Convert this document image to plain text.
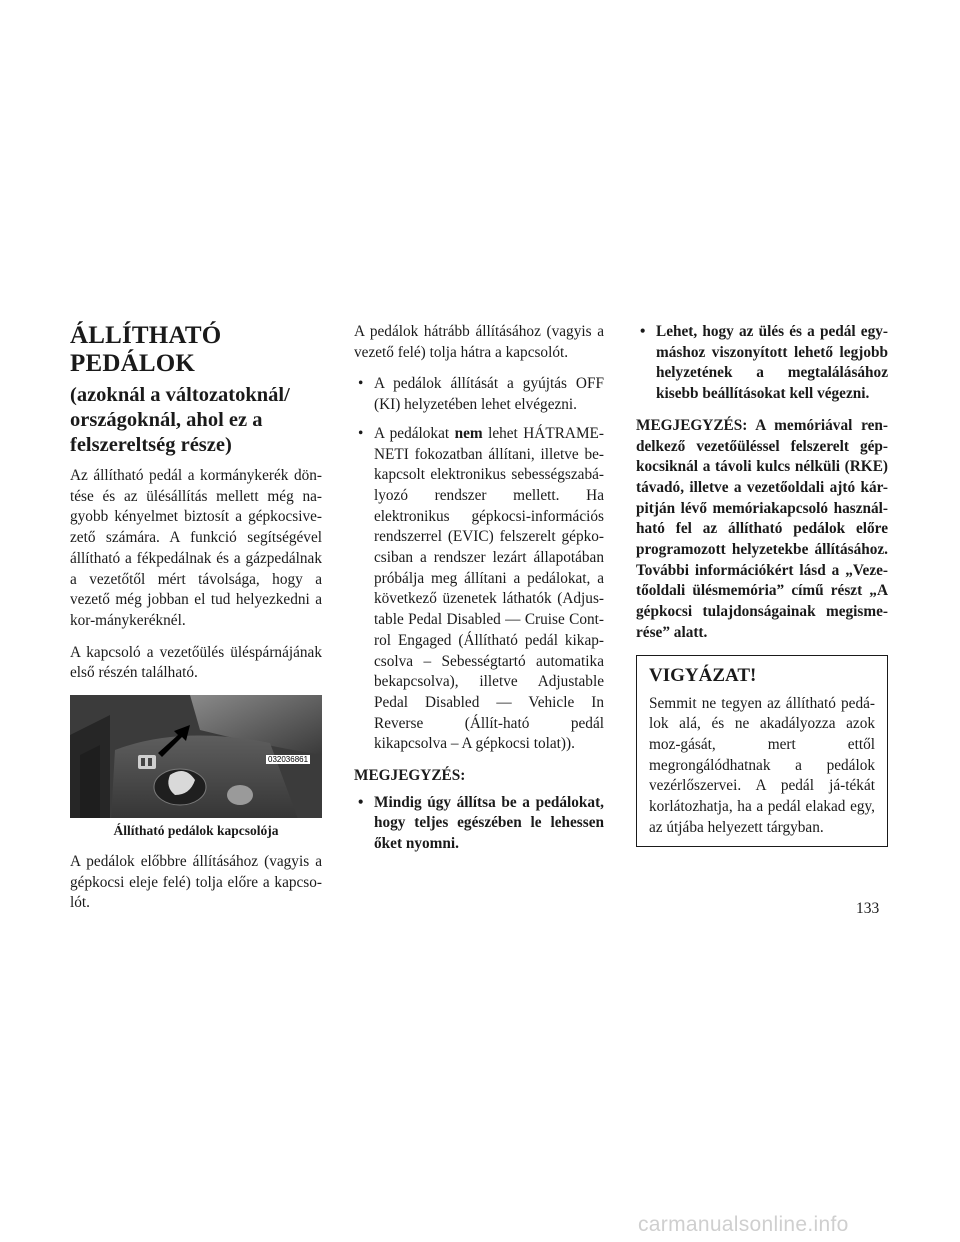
ÁLLÍTHATÓ PEDÁLOK
(azoknál a változatoknál/
országoknál, ahol ez a
felszereltség része)

Az állítható pedál a kormánykerék dön-tése és az ülésállítás mellett még na-gyobb kényelmet biztosít a gépkocsive-zető számára. A funkció segítségével állítható a fékpedálnak és a gázpedálnak a vezetőtől mért távolsága, hogy a vezető még jobban el tud helyezkedni a kor-mánykeréknél.

A kapcsoló a vezetőülés üléspárnájának első részén található.

Állítható pedálok kapcsolója

A pedálok előbbre állításához (vagyis a gépkocsi eleje felé) tolja előre a kapcso-lót.

032036861

A pedálok hátrább állításához (vagyis a vezető felé) tolja hátra a kapcsolót.

• A pedálok állítását a gyújtás OFF (KI) helyzetében lehet elvégezni.
• A pedálokat nem lehet HÁTRAME-NETI fokozatban állítani, illetve be-kapcsolt elektronikus sebességszabá-lyozó rendszer mellett. Ha elektronikus gépkocsi-információs rendszerrel (EVIC) felszerelt gépko-csiban a rendszer lezárt állapotában próbálja meg állítani a pedálokat, a következő üzenetek láthatók (Adjus-table Pedal Disabled — Cruise Cont-rol Engaged (Állítható pedál kikap-csolva – Sebességtartó automatika bekapcsolva), illetve Adjustable Pedal Disabled — Vehicle In Reverse (Állít-ható pedál kikapcsolva – A gépkocsi tolat)).
MEGJEGYZÉS:
• Mindig úgy állítsa be a pedálokat, hogy teljes egészében le lehessen őket nyomni.
• Lehet, hogy az ülés és a pedál egy-máshoz viszonyított lehető legjobb helyzetének a megtalálásához kisebb beállításokat kell végezni.

MEGJEGYZÉS: A memóriával ren-delkező vezetőüléssel felszerelt gép-kocsiknál a távoli kulcs nélküli (RKE) távadó, illetve a vezetőoldali ajtó kár-pitján lévő memóriakapcsoló használ-ható fel az állítható pedálok előre programozott helyzetekbe állításához. További információkért lásd a „Veze-tőoldali ülésmemória” című részt „A gépkocsi tulajdonságainak megisme-rése” alatt.

VIGYÁZAT!

Semmit ne tegyen az állítható pedá-lok alá, és ne akadályozza azok moz-gását, mert ettől megrongálódhatnak a pedálok vezérlőszervei. A pedál já-tékát korlátozhatja, ha a pedál elakad egy, az útjába helyezett tárgyban.

133
carmanualsonline.info
